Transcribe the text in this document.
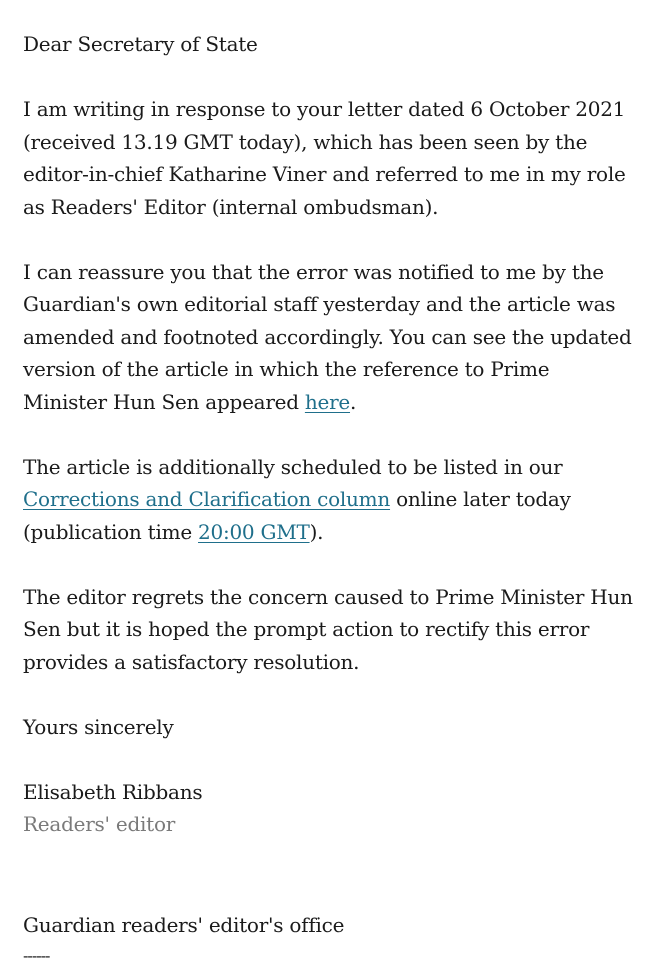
Dear Secretary of State

I am writing in response to your letter dated 6 October 2021 (received 13.19 GMT today), which has been seen by the editor-in-chief Katharine Viner and referred to me in my role as Readers' Editor (internal ombudsman).

I can reassure you that the error was notified to me by the Guardian's own editorial staff yesterday and the article was amended and footnoted accordingly. You can see the updated version of the article in which the reference to Prime Minister Hun Sen appeared here.

The article is additionally scheduled to be listed in our Corrections and Clarification column online later today (publication time 20:00 GMT).

The editor regrets the concern caused to Prime Minister Hun Sen but it is hoped the prompt action to rectify this error provides a satisfactory resolution.

Yours sincerely

Elisabeth Ribbans

Readers' editor

Guardian readers' editor's office

------
